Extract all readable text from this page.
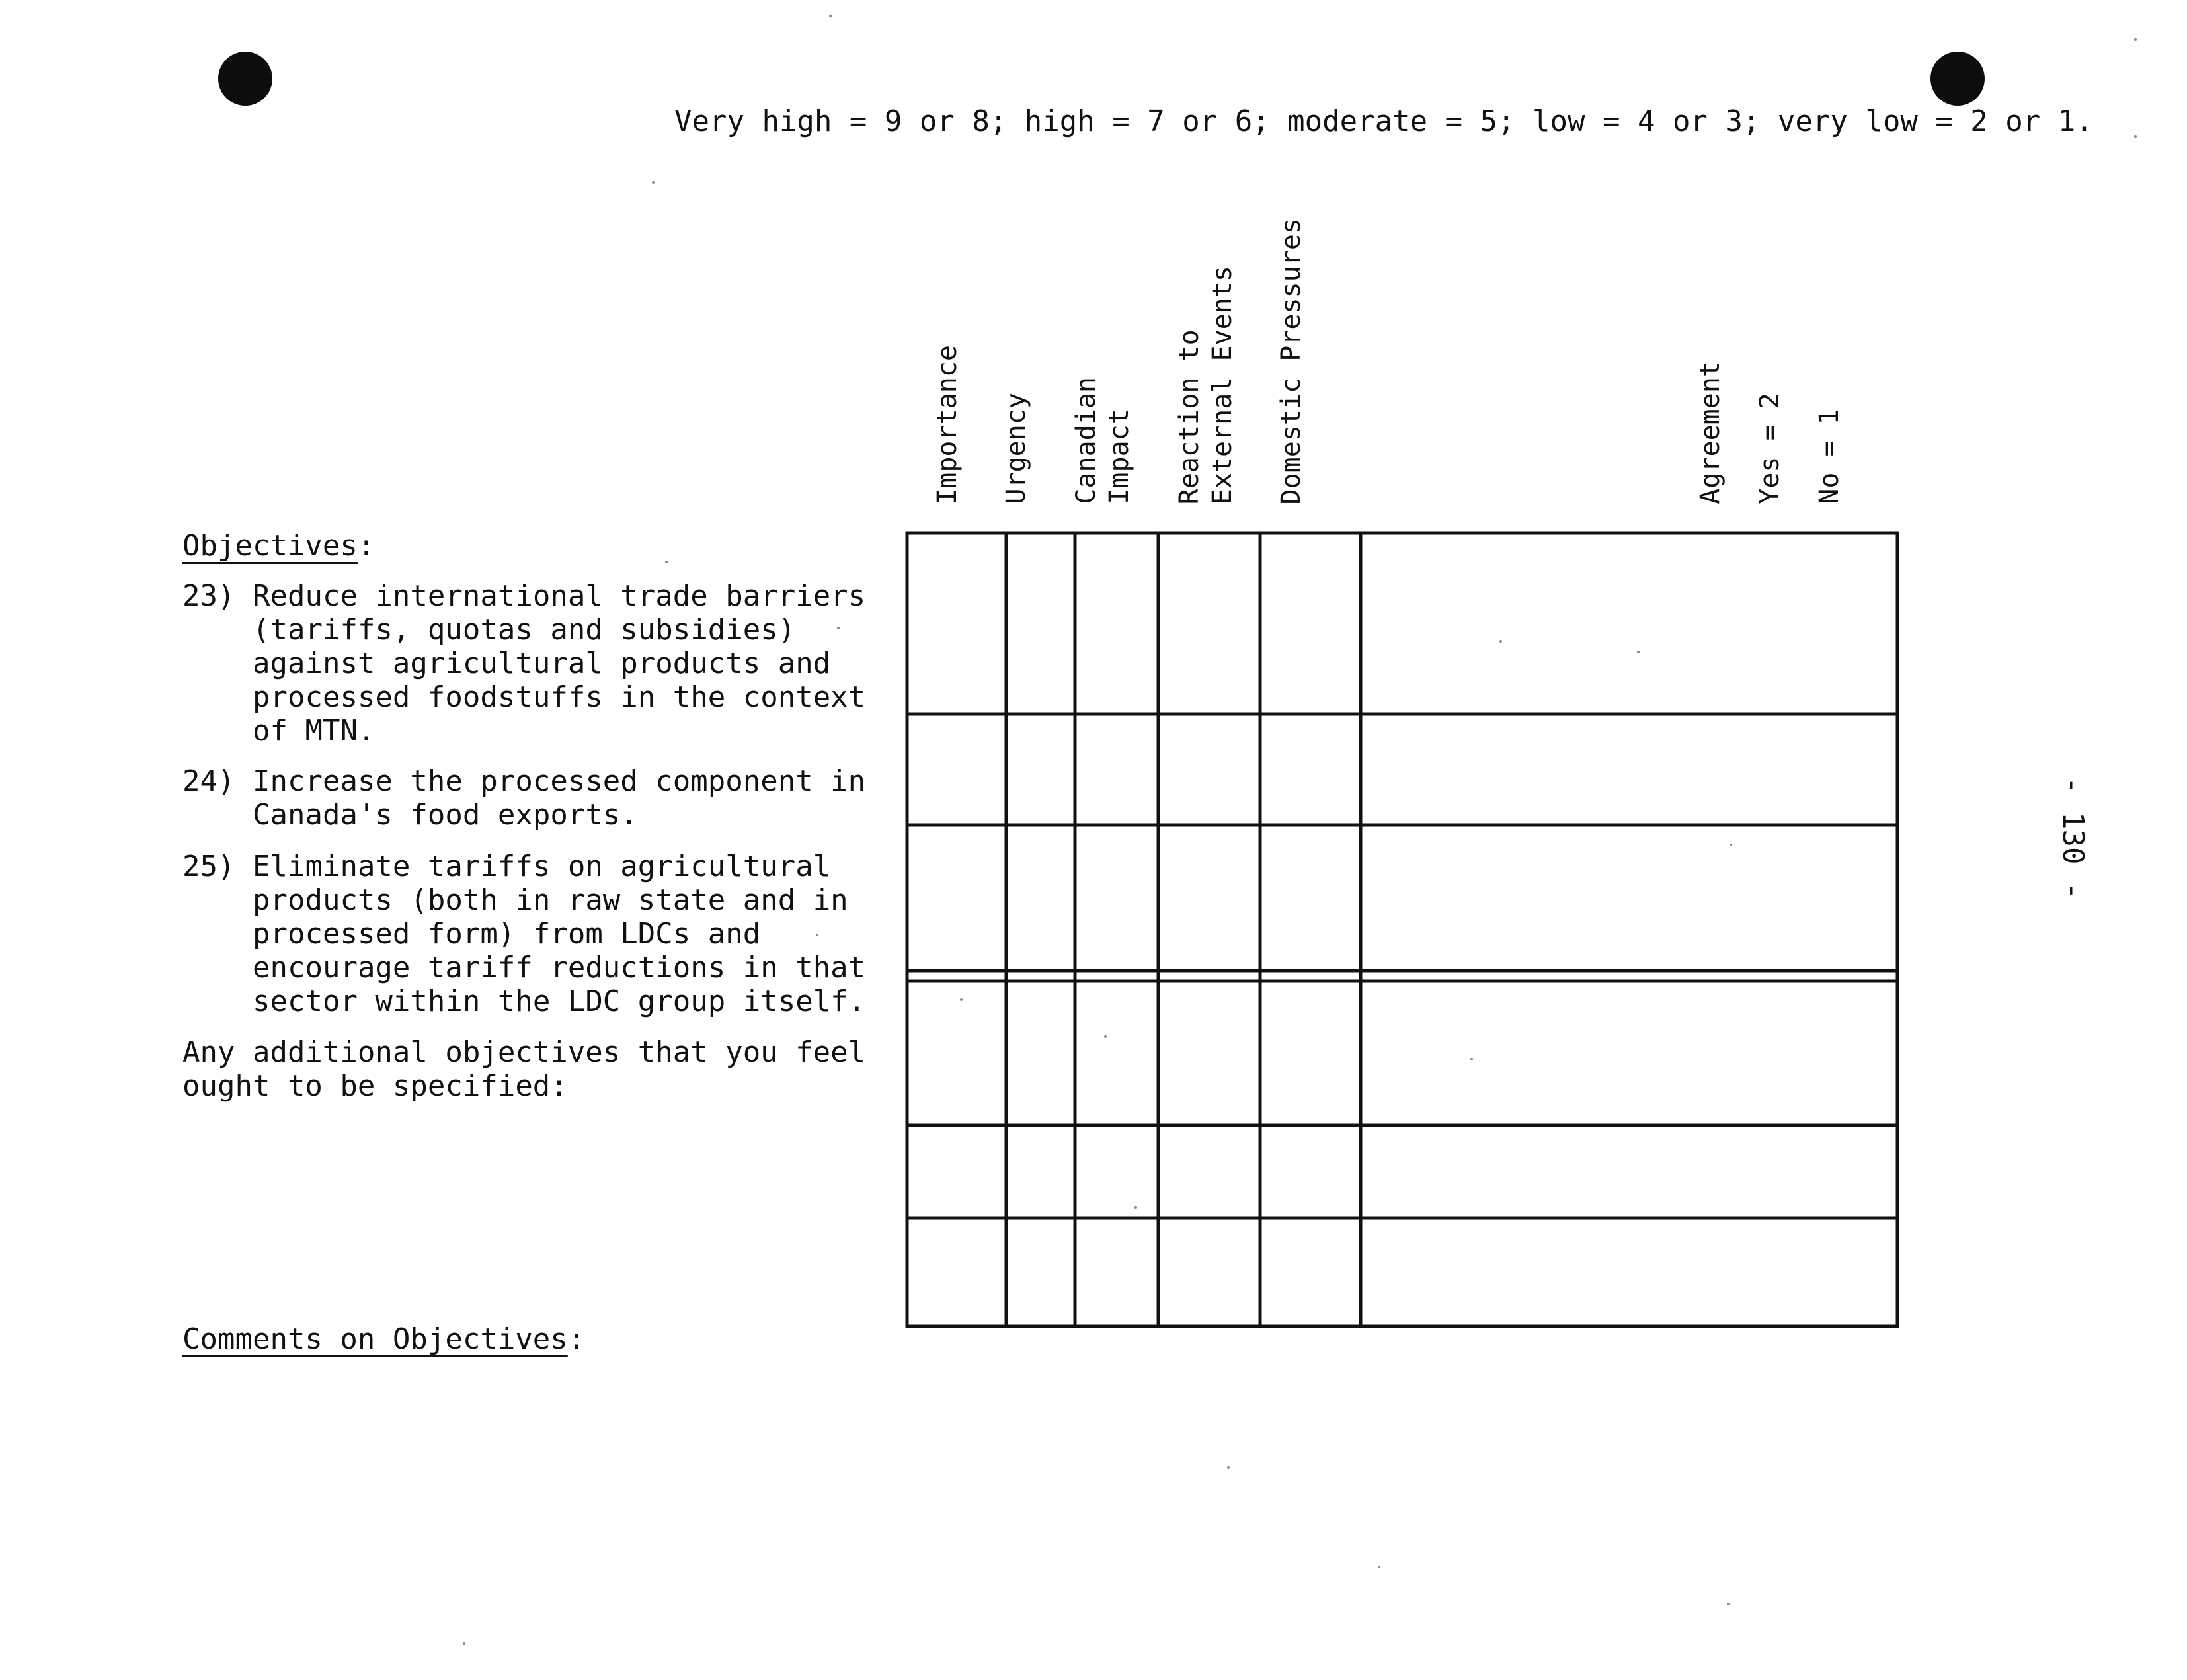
Very high = 9 or 8; high = 7 or 6; moderate = 5; low = 4 or 3; very low = 2 or 1.
Importance Urgency Canadian
Impact Reaction to
External Events Domestic Pressures	Agreement
Yes = 2
No = 1
Objectives:
23) Reduce international trade barriers
(tariffs, quotas and subsidies)
against agricultural products and
processed foodstuffs in the context
of MTN.
24) Increase the processed component in
Canada's food exports.
25) Eliminate tariffs on agricultural
products (both in raw state and in
processed form) from LDCs and
encourage tariff reductions in that
sector within the LDC group itself.
Any additional objectives that you feel
ought to be specified:
Comments on Objectives:
- 130 -
